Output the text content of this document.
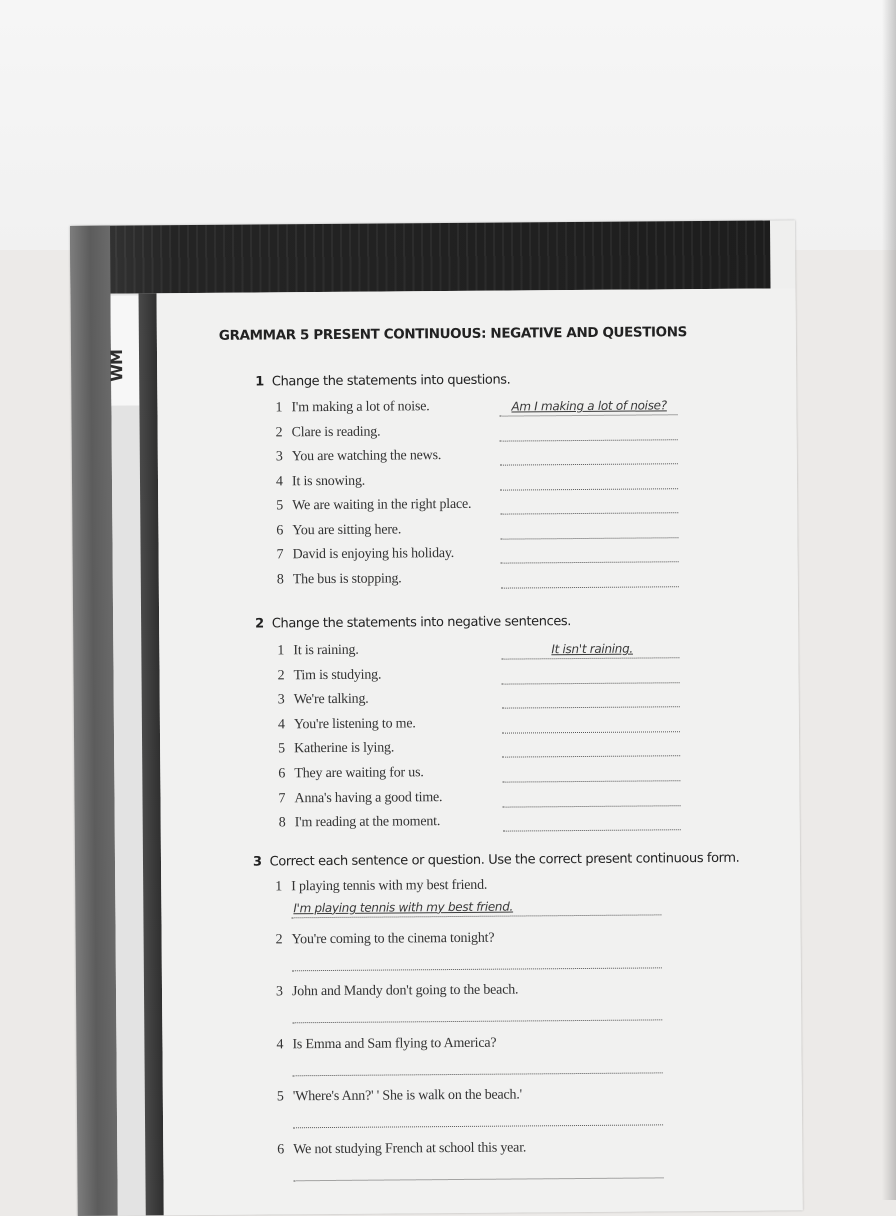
WM
GRAMMAR 5 PRESENT CONTINUOUS: NEGATIVE AND QUESTIONS
1 Change the statements into questions.
2 Change the statements into negative sentences.
3 Correct each sentence or question. Use the correct present continuous form.
1 I'm making a lot of noise.	Am I making a lot of noise?
2 Clare is reading.
3 You are watching the news.
4 It is snowing.
5 We are waiting in the right place.
6 You are sitting here.
7 David is enjoying his holiday.
8 The bus is stopping.
1 It is raining.	It isn't raining.
2 Tim is studying.
3 We're talking.
4 You're listening to me.
5 Katherine is lying.
6 They are waiting for us.
7 Anna's having a good time.
8 I'm reading at the moment.
1 I playing tennis with my best friend.
I'm playing tennis with my best friend.
2 You're coming to the cinema tonight?
3 John and Mandy don't going to the beach.
4 Is Emma and Sam flying to America?
5 'Where's Ann?' ' She is walk on the beach.'
6 We not studying French at school this year.
